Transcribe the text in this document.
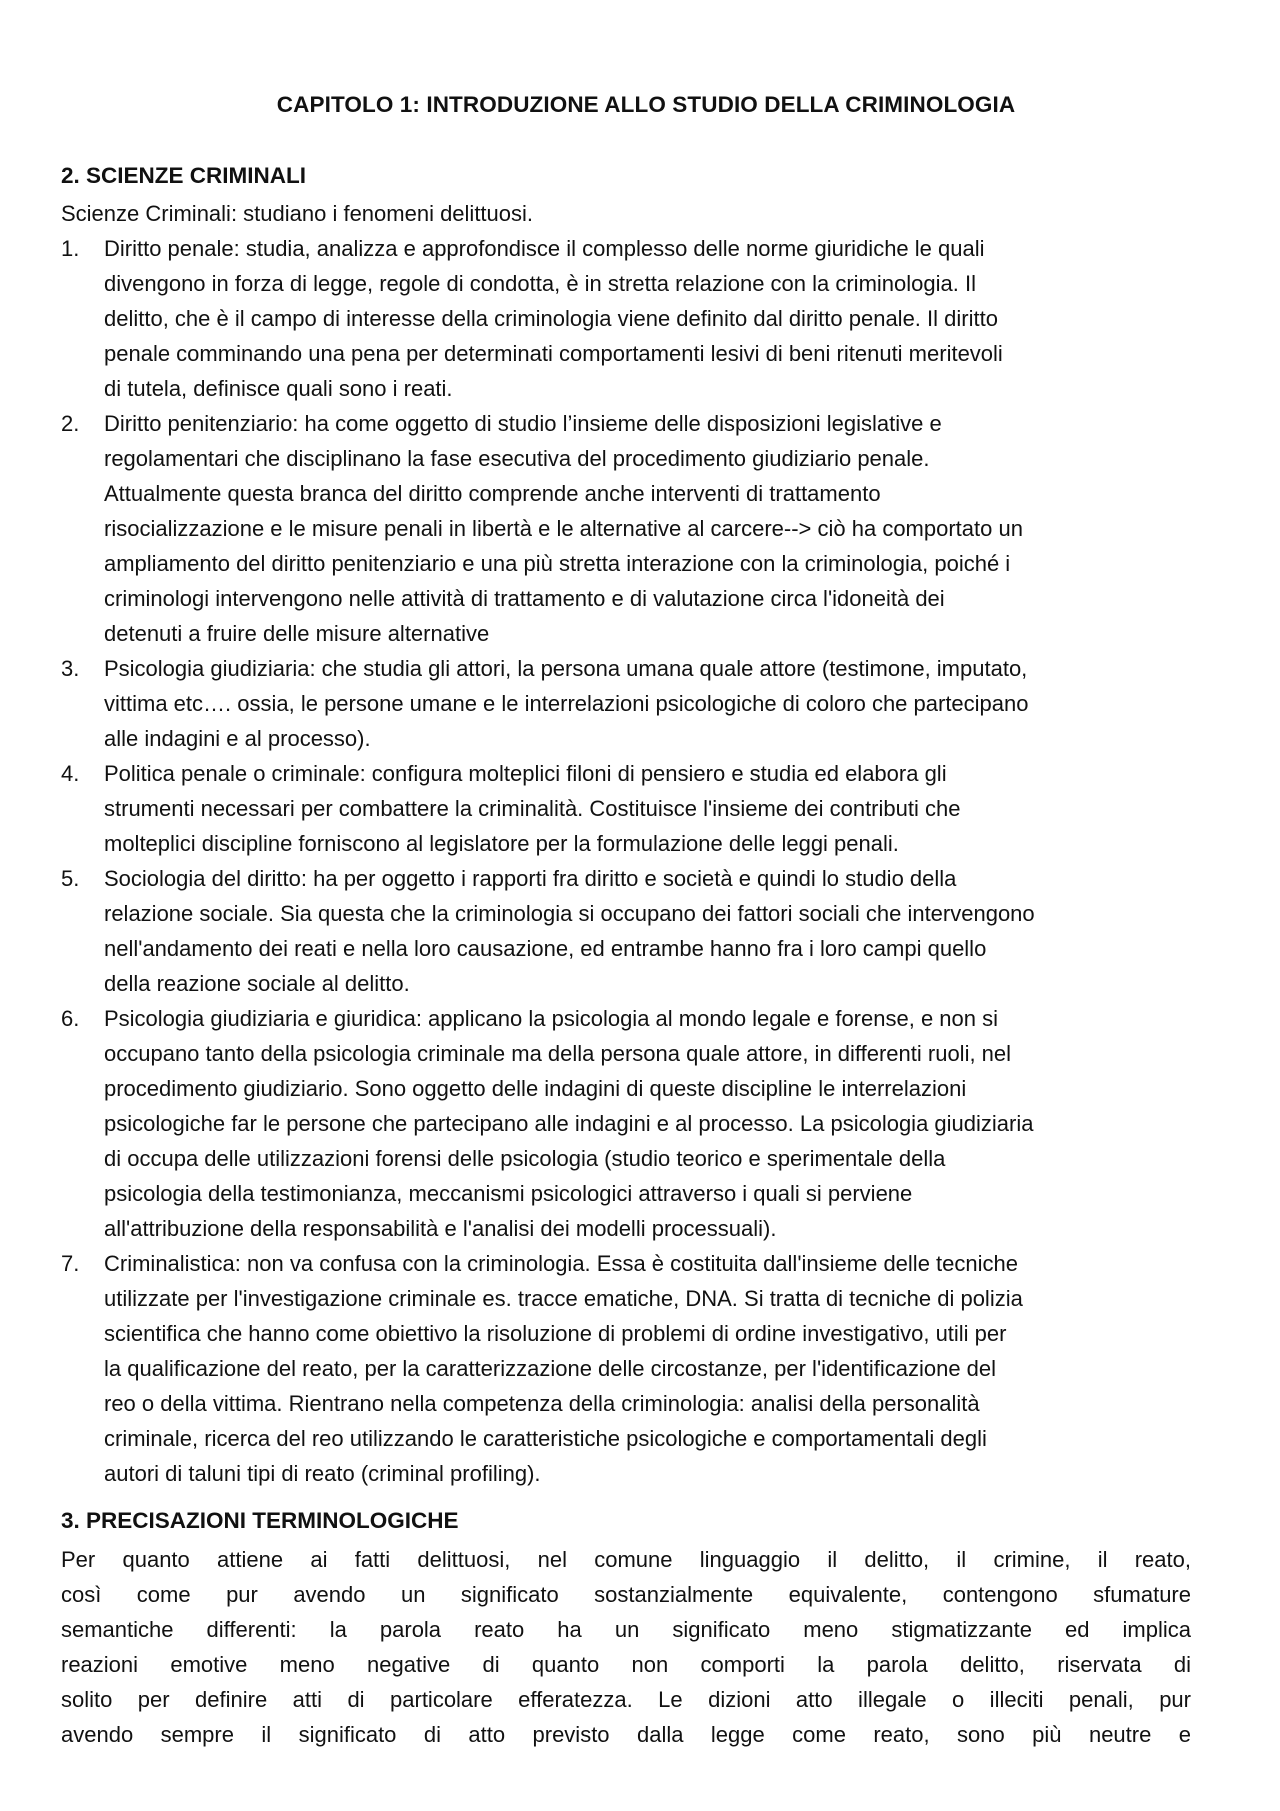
CAPITOLO 1: INTRODUZIONE ALLO STUDIO DELLA CRIMINOLOGIA
2. SCIENZE CRIMINALI
Scienze Criminali: studiano i fenomeni delittuosi.
1.	Diritto penale: studia, analizza e approfondisce il complesso delle norme giuridiche le quali
divengono in forza di legge, regole di condotta, è in stretta relazione con la criminologia. Il
delitto, che è il campo di interesse della criminologia viene definito dal diritto penale. Il diritto
penale comminando una pena per determinati comportamenti lesivi di beni ritenuti meritevoli
di tutela, definisce quali sono i reati.
2.	Diritto penitenziario: ha come oggetto di studio l’insieme delle disposizioni legislative e
regolamentari che disciplinano la fase esecutiva del procedimento giudiziario penale.
Attualmente questa branca del diritto comprende anche interventi di trattamento
risocializzazione e le misure penali in libertà e le alternative al carcere--> ciò ha comportato un
ampliamento del diritto penitenziario e una più stretta interazione con la criminologia, poiché i
criminologi intervengono nelle attività di trattamento e di valutazione circa l'idoneità dei
detenuti a fruire delle misure alternative
3.	Psicologia giudiziaria: che studia gli attori, la persona umana quale attore (testimone, imputato,
vittima etc…. ossia, le persone umane e le interrelazioni psicologiche di coloro che partecipano
alle indagini e al processo).
4.	Politica penale o criminale: configura molteplici filoni di pensiero e studia ed elabora gli
strumenti necessari per combattere la criminalità. Costituisce l'insieme dei contributi che
molteplici discipline forniscono al legislatore per la formulazione delle leggi penali.
5.	Sociologia del diritto: ha per oggetto i rapporti fra diritto e società e quindi lo studio della
relazione sociale. Sia questa che la criminologia si occupano dei fattori sociali che intervengono
nell'andamento dei reati e nella loro causazione, ed entrambe hanno fra i loro campi quello
della reazione sociale al delitto.
6.	Psicologia giudiziaria e giuridica: applicano la psicologia al mondo legale e forense, e non si
occupano tanto della psicologia criminale ma della persona quale attore, in differenti ruoli, nel
procedimento giudiziario. Sono oggetto delle indagini di queste discipline le interrelazioni
psicologiche far le persone che partecipano alle indagini e al processo. La psicologia giudiziaria
di occupa delle utilizzazioni forensi delle psicologia (studio teorico e sperimentale della
psicologia della testimonianza, meccanismi psicologici attraverso i quali si perviene
all'attribuzione della responsabilità e l'analisi dei modelli processuali).
7.	Criminalistica: non va confusa con la criminologia. Essa è costituita dall'insieme delle tecniche
utilizzate per l'investigazione criminale es. tracce ematiche, DNA. Si tratta di tecniche di polizia
scientifica che hanno come obiettivo la risoluzione di problemi di ordine investigativo, utili per
la qualificazione del reato, per la caratterizzazione delle circostanze, per l'identificazione del
reo o della vittima. Rientrano nella competenza della criminologia: analisi della personalità
criminale, ricerca del reo utilizzando le caratteristiche psicologiche e comportamentali degli
autori di taluni tipi di reato (criminal profiling).
3. PRECISAZIONI TERMINOLOGICHE
Per quanto attiene ai fatti delittuosi, nel comune linguaggio il delitto, il crimine, il reato,
così come pur avendo un significato sostanzialmente equivalente, contengono sfumature
semantiche differenti: la parola reato ha un significato meno stigmatizzante ed implica
reazioni emotive meno negative di quanto non comporti la parola delitto, riservata di
solito per definire atti di particolare efferatezza. Le dizioni atto illegale o illeciti penali, pur
avendo sempre il significato di atto previsto dalla legge come reato, sono più neutre e
